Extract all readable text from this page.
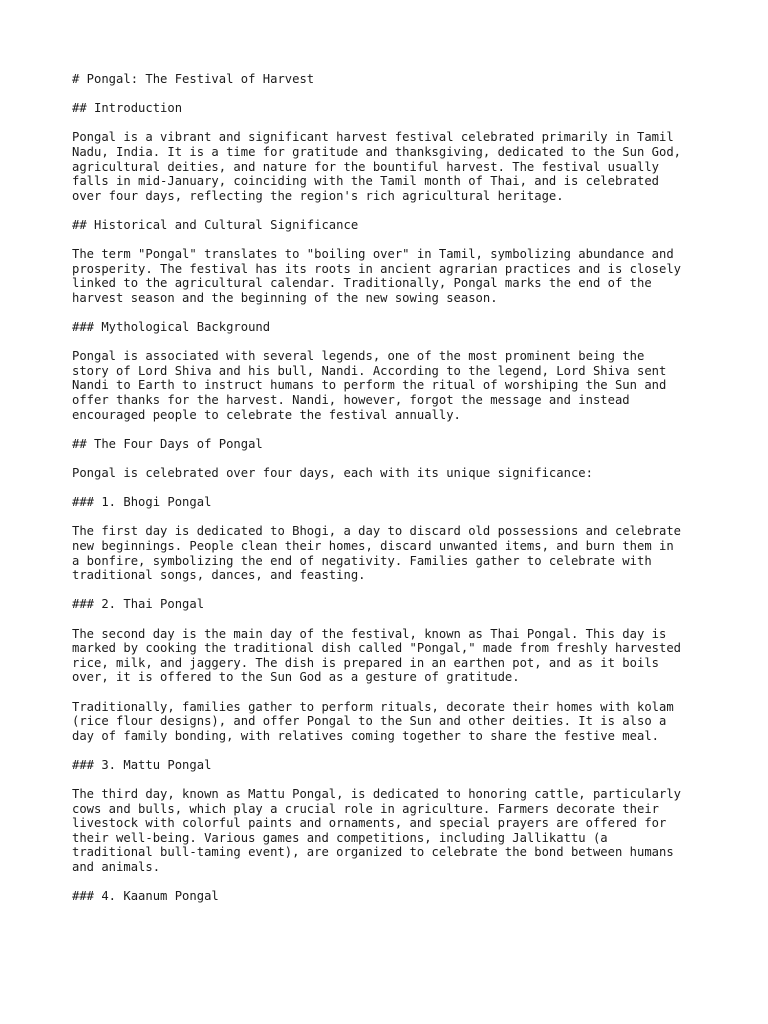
# Pongal: The Festival of Harvest
## Introduction
Pongal is a vibrant and significant harvest festival celebrated primarily in Tamil
Nadu, India. It is a time for gratitude and thanksgiving, dedicated to the Sun God,
agricultural deities, and nature for the bountiful harvest. The festival usually
falls in mid-January, coinciding with the Tamil month of Thai, and is celebrated
over four days, reflecting the region's rich agricultural heritage.
## Historical and Cultural Significance
The term "Pongal" translates to "boiling over" in Tamil, symbolizing abundance and
prosperity. The festival has its roots in ancient agrarian practices and is closely
linked to the agricultural calendar. Traditionally, Pongal marks the end of the
harvest season and the beginning of the new sowing season.
### Mythological Background
Pongal is associated with several legends, one of the most prominent being the
story of Lord Shiva and his bull, Nandi. According to the legend, Lord Shiva sent
Nandi to Earth to instruct humans to perform the ritual of worshiping the Sun and
offer thanks for the harvest. Nandi, however, forgot the message and instead
encouraged people to celebrate the festival annually.
## The Four Days of Pongal
Pongal is celebrated over four days, each with its unique significance:
### 1. Bhogi Pongal
The first day is dedicated to Bhogi, a day to discard old possessions and celebrate
new beginnings. People clean their homes, discard unwanted items, and burn them in
a bonfire, symbolizing the end of negativity. Families gather to celebrate with
traditional songs, dances, and feasting.
### 2. Thai Pongal
The second day is the main day of the festival, known as Thai Pongal. This day is
marked by cooking the traditional dish called "Pongal," made from freshly harvested
rice, milk, and jaggery. The dish is prepared in an earthen pot, and as it boils
over, it is offered to the Sun God as a gesture of gratitude.
Traditionally, families gather to perform rituals, decorate their homes with kolam
(rice flour designs), and offer Pongal to the Sun and other deities. It is also a
day of family bonding, with relatives coming together to share the festive meal.
### 3. Mattu Pongal
The third day, known as Mattu Pongal, is dedicated to honoring cattle, particularly
cows and bulls, which play a crucial role in agriculture. Farmers decorate their
livestock with colorful paints and ornaments, and special prayers are offered for
their well-being. Various games and competitions, including Jallikattu (a
traditional bull-taming event), are organized to celebrate the bond between humans
and animals.
### 4. Kaanum Pongal
